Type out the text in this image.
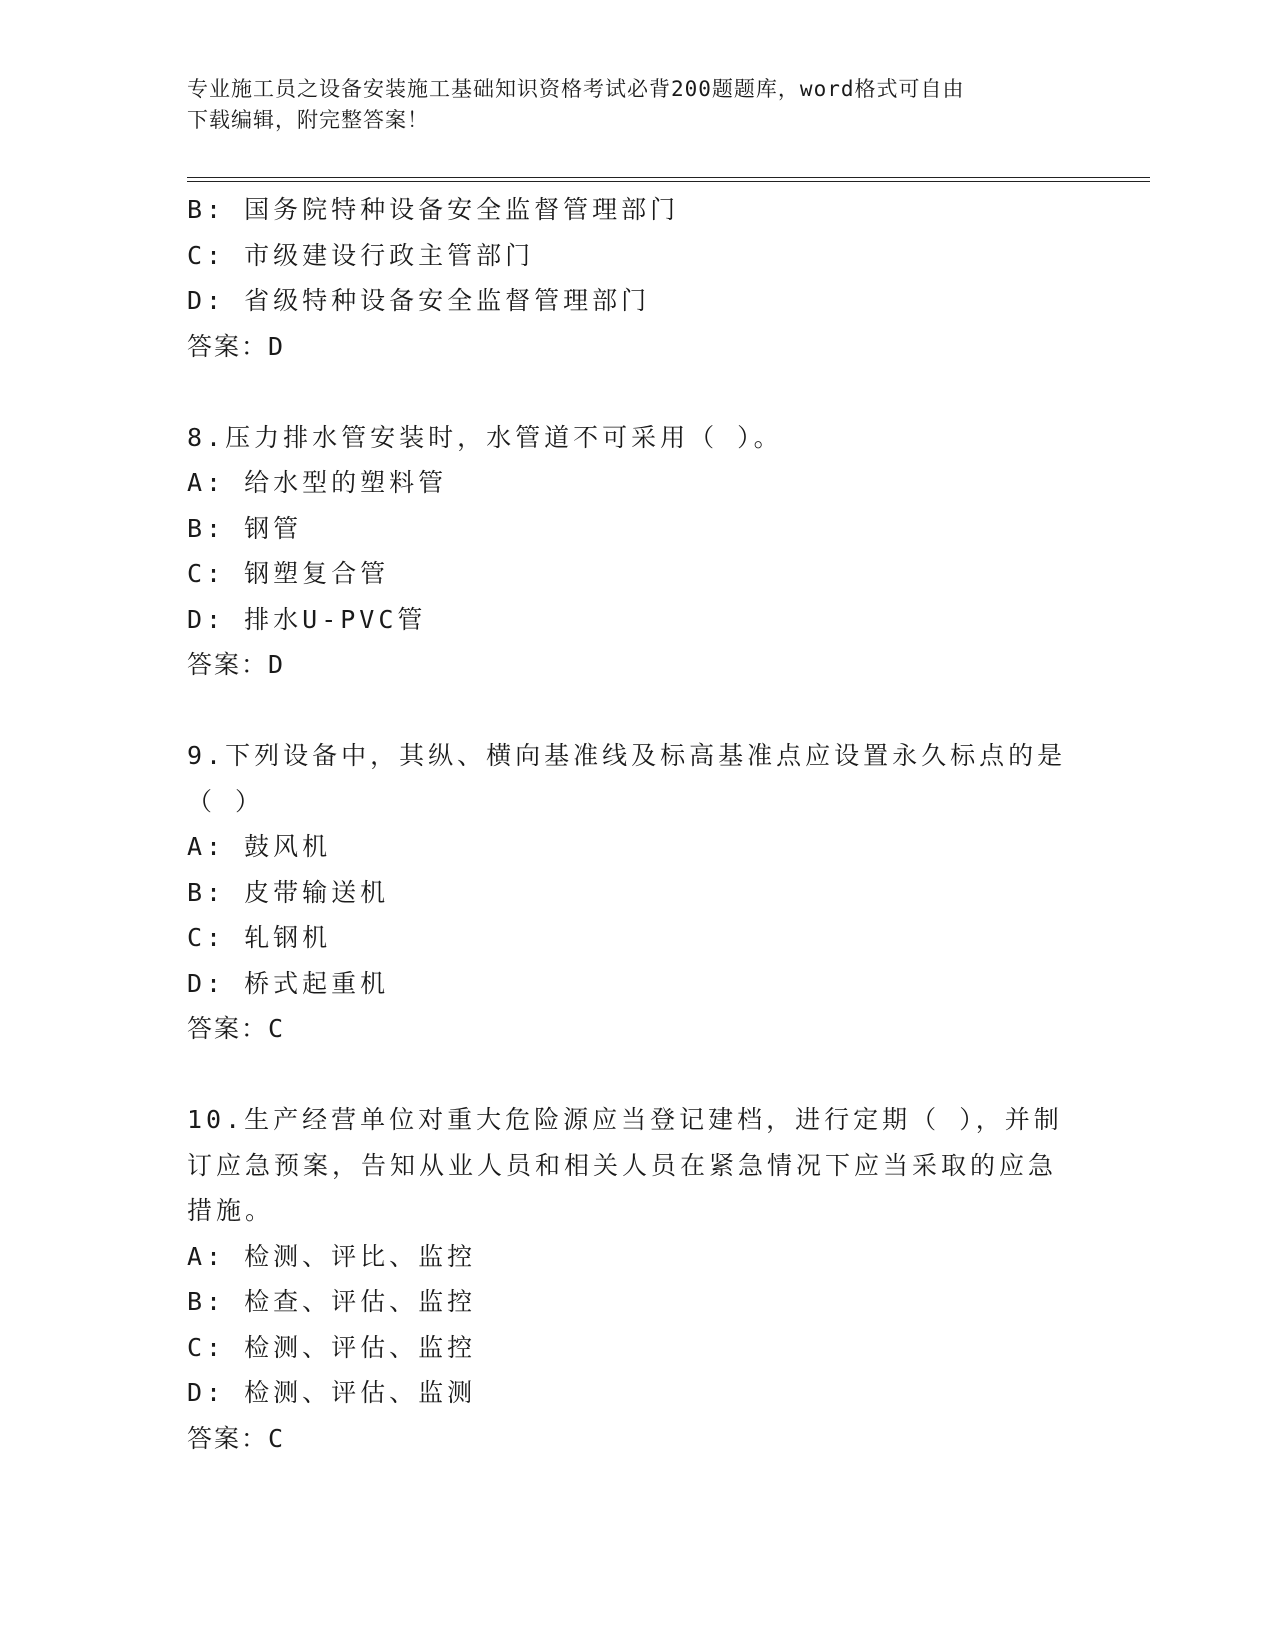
专业施工员之设备安装施工基础知识资格考试必背200题题库，word格式可自由
下载编辑，附完整答案！
B: 国务院特种设备安全监督管理部门
C: 市级建设行政主管部门
D: 省级特种设备安全监督管理部门
答案：D
8.压力排水管安装时，水管道不可采用（ ）。
A: 给水型的塑料管
B: 钢管
C: 钢塑复合管
D: 排水U-PVC管
答案：D
9.下列设备中，其纵、横向基准线及标高基准点应设置永久标点的是
（ ）
A: 鼓风机
B: 皮带输送机
C: 轧钢机
D: 桥式起重机
答案：C
10.生产经营单位对重大危险源应当登记建档，进行定期（ ），并制
订应急预案，告知从业人员和相关人员在紧急情况下应当采取的应急
措施。
A: 检测、评比、监控
B: 检查、评估、监控
C: 检测、评估、监控
D: 检测、评估、监测
答案：C
